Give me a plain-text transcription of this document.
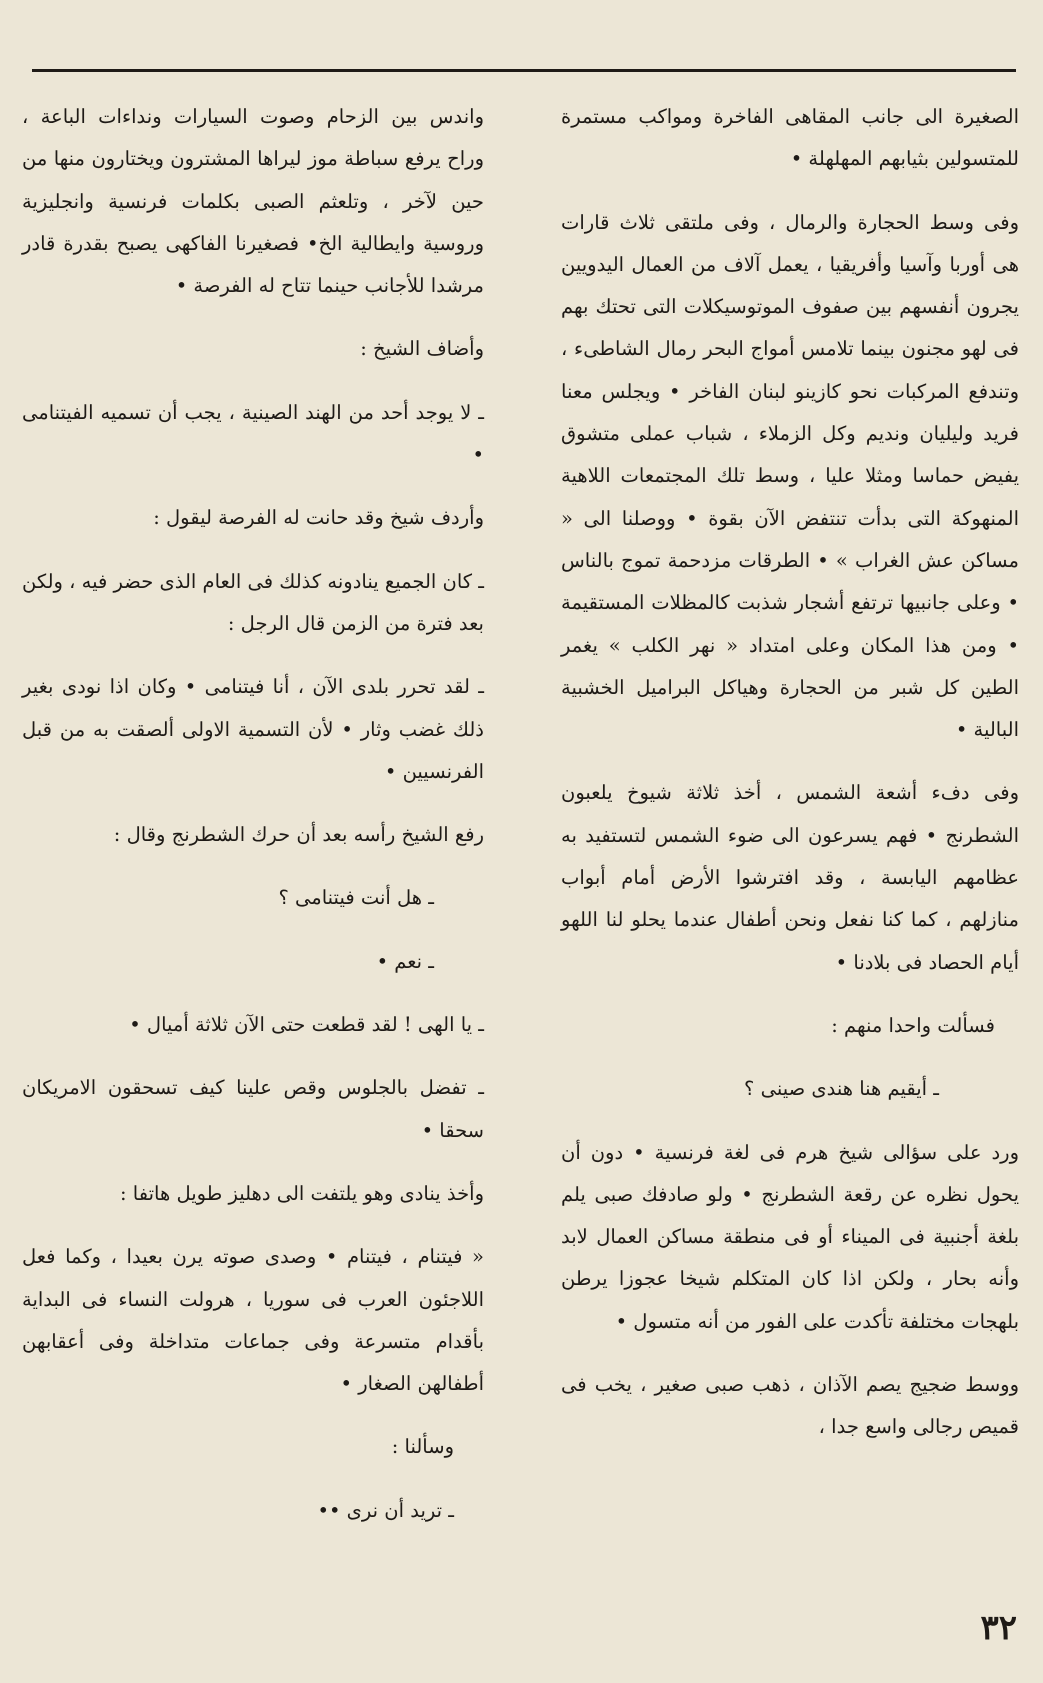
الصغيرة الى جانب المقاهى الفاخرة ومواكب مستمرة للمتسولين بثيابهم المهلهلة •

وفى وسط الحجارة والرمال ، وفى ملتقى ثلاث قارات هى أوربا وآسيا وأفريقيا ، يعمل آلاف من العمال اليدويين يجرون أنفسهم بين صفوف الموتوسيكلات التى تحتك بهم فى لهو مجنون بينما تلامس أمواج البحر رمال الشاطىء ، وتندفع المركبات نحو كازينو لبنان الفاخر • ويجلس معنا فريد وليليان ونديم وكل الزملاء ، شباب عملى متشوق يفيض حماسا ومثلا عليا ، وسط تلك المجتمعات اللاهية المنهوكة التى بدأت تنتفض الآن بقوة • ووصلنا الى « مساكن عش الغراب » • الطرقات مزدحمة تموج بالناس • وعلى جانبيها ترتفع أشجار شذبت كالمظلات المستقيمة • ومن هذا المكان وعلى امتداد « نهر الكلب » يغمر الطين كل شبر من الحجارة وهياكل البراميل الخشبية البالية •

وفى دفء أشعة الشمس ، أخذ ثلاثة شيوخ يلعبون الشطرنج • فهم يسرعون الى ضوء الشمس لتستفيد به عظامهم اليابسة ، وقد افترشوا الأرض أمام أبواب منازلهم ، كما كنا نفعل ونحن أطفال عندما يحلو لنا اللهو أيام الحصاد فى بلادنا •

فسألت واحدا منهم :

ـ أيقيم هنا هندى صينى ؟

ورد على سؤالى شيخ هرم فى لغة فرنسية • دون أن يحول نظره عن رقعة الشطرنج • ولو صادفك صبى يلم بلغة أجنبية فى الميناء أو فى منطقة مساكن العمال لابد وأنه بحار ، ولكن اذا كان المتكلم شيخا عجوزا يرطن بلهجات مختلفة تأكدت على الفور من أنه متسول •

ووسط ضجيج يصم الآذان ، ذهب صبى صغير ، يخب فى قميص رجالى واسع جدا ،

واندس بين الزحام وصوت السيارات ونداءات الباعة ، وراح يرفع سباطة موز ليراها المشترون ويختارون منها من حين لآخر ، وتلعثم الصبى بكلمات فرنسية وانجليزية وروسية وايطالية الخ• فصغيرنا الفاكهى يصبح بقدرة قادر مرشدا للأجانب حينما تتاح له الفرصة •

وأضاف الشيخ :

ـ لا يوجد أحد من الهند الصينية ، يجب أن تسميه الفيتنامى •

وأردف شيخ وقد حانت له الفرصة ليقول :

ـ كان الجميع ينادونه كذلك فى العام الذى حضر فيه ، ولكن بعد فترة من الزمن قال الرجل :

ـ لقد تحرر بلدى الآن ، أنا فيتنامى • وكان اذا نودى بغير ذلك غضب وثار • لأن التسمية الاولى ألصقت به من قبل الفرنسيين •

رفع الشيخ رأسه بعد أن حرك الشطرنج وقال :

ـ هل أنت فيتنامى ؟

ـ نعم •

ـ يا الهى ! لقد قطعت حتى الآن ثلاثة أميال •

ـ تفضل بالجلوس وقص علينا كيف تسحقون الامريكان سحقا •

وأخذ ينادى وهو يلتفت الى دهليز طويل هاتفا :

« فيتنام ، فيتنام • وصدى صوته يرن بعيدا ، وكما فعل اللاجئون العرب فى سوريا ، هرولت النساء فى البداية بأقدام متسرعة وفى جماعات متداخلة وفى أعقابهن أطفالهن الصغار •

وسألنا :

ـ تريد أن نرى ••

٣٢
